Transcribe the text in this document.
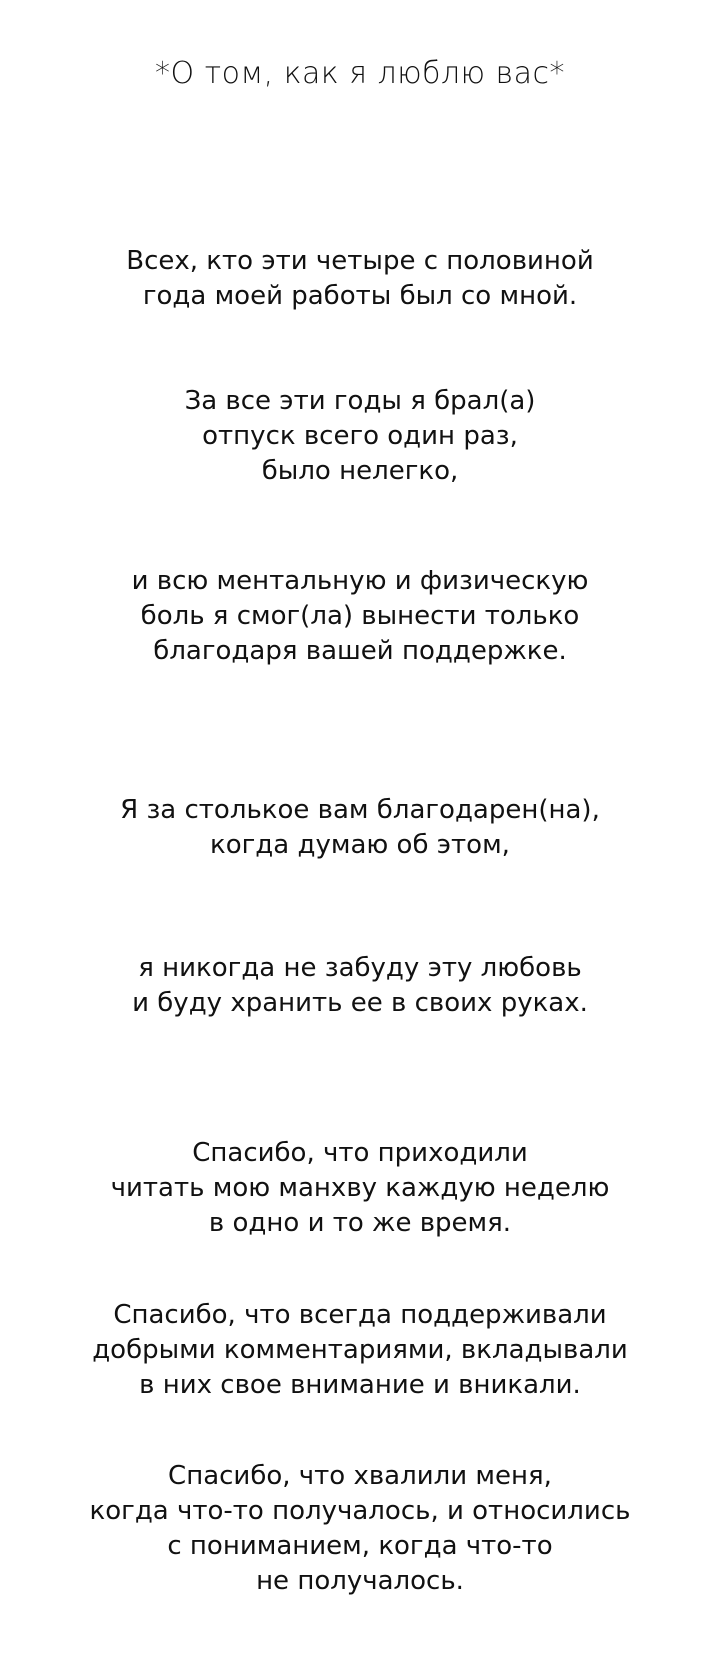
*О том, как я люблю вас*

Всех, кто эти четыре с половиной
года моей работы был со мной.

За все эти годы я брал(а)
отпуск всего один раз,
было нелегко,

и всю ментальную и физическую
боль я смог(ла) вынести только
благодаря вашей поддержке.

Я за столькое вам благодарен(на),
когда думаю об этом,

я никогда не забуду эту любовь
и буду хранить ее в своих руках.

Спасибо, что приходили
читать мою манхву каждую неделю
в одно и то же время.

Спасибо, что всегда поддерживали
добрыми комментариями, вкладывали
в них свое внимание и вникали.

Спасибо, что хвалили меня,
когда что-то получалось, и относились
с пониманием, когда что-то
не получалось.
